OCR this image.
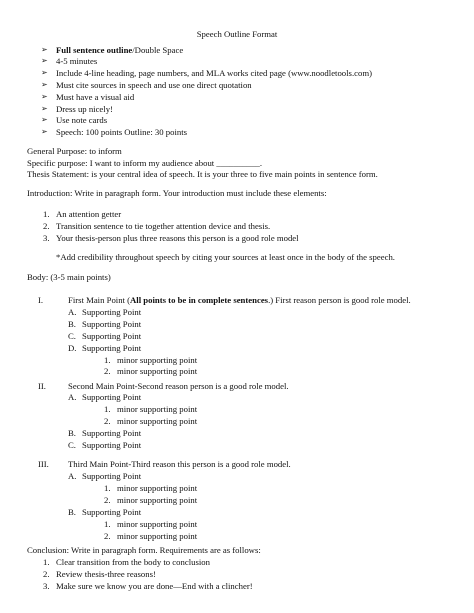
Speech Outline Format
➢ Full sentence outline/Double Space
➢ 4-5 minutes
➢ Include 4-line heading, page numbers, and MLA works cited page (www.noodletools.com)
➢ Must cite sources in speech and use one direct quotation
➢ Must have a visual aid
➢ Dress up nicely!
➢ Use note cards
➢ Speech: 100 points Outline: 30 points
General Purpose: to inform
Specific purpose: I want to inform my audience about __________.
Thesis Statement: is your central idea of speech. It is your three to five main points in sentence form.
Introduction: Write in paragraph form. Your introduction must include these elements:
1. An attention getter
2. Transition sentence to tie together attention device and thesis.
3. Your thesis-person plus three reasons this person is a good role model
*Add credibility throughout speech by citing your sources at least once in the body of the speech.
Body: (3-5 main points)
I.	First Main Point (All points to be in complete sentences.) First reason person is good role model.
A. Supporting Point
B. Supporting Point
C. Supporting Point
D. Supporting Point
1. minor supporting point
2. minor supporting point
II.	Second Main Point-Second reason person is a good role model.
A. Supporting Point
1. minor supporting point
2. minor supporting point
B. Supporting Point
C. Supporting Point
III. Third Main Point-Third reason this person is a good role model.
A. Supporting Point
1. minor supporting point
2. minor supporting point
B. Supporting Point
1. minor supporting point
2. minor supporting point
Conclusion: Write in paragraph form. Requirements are as follows:
1. Clear transition from the body to conclusion
2. Review thesis-three reasons!
3. Make sure we know you are done—End with a clincher!
